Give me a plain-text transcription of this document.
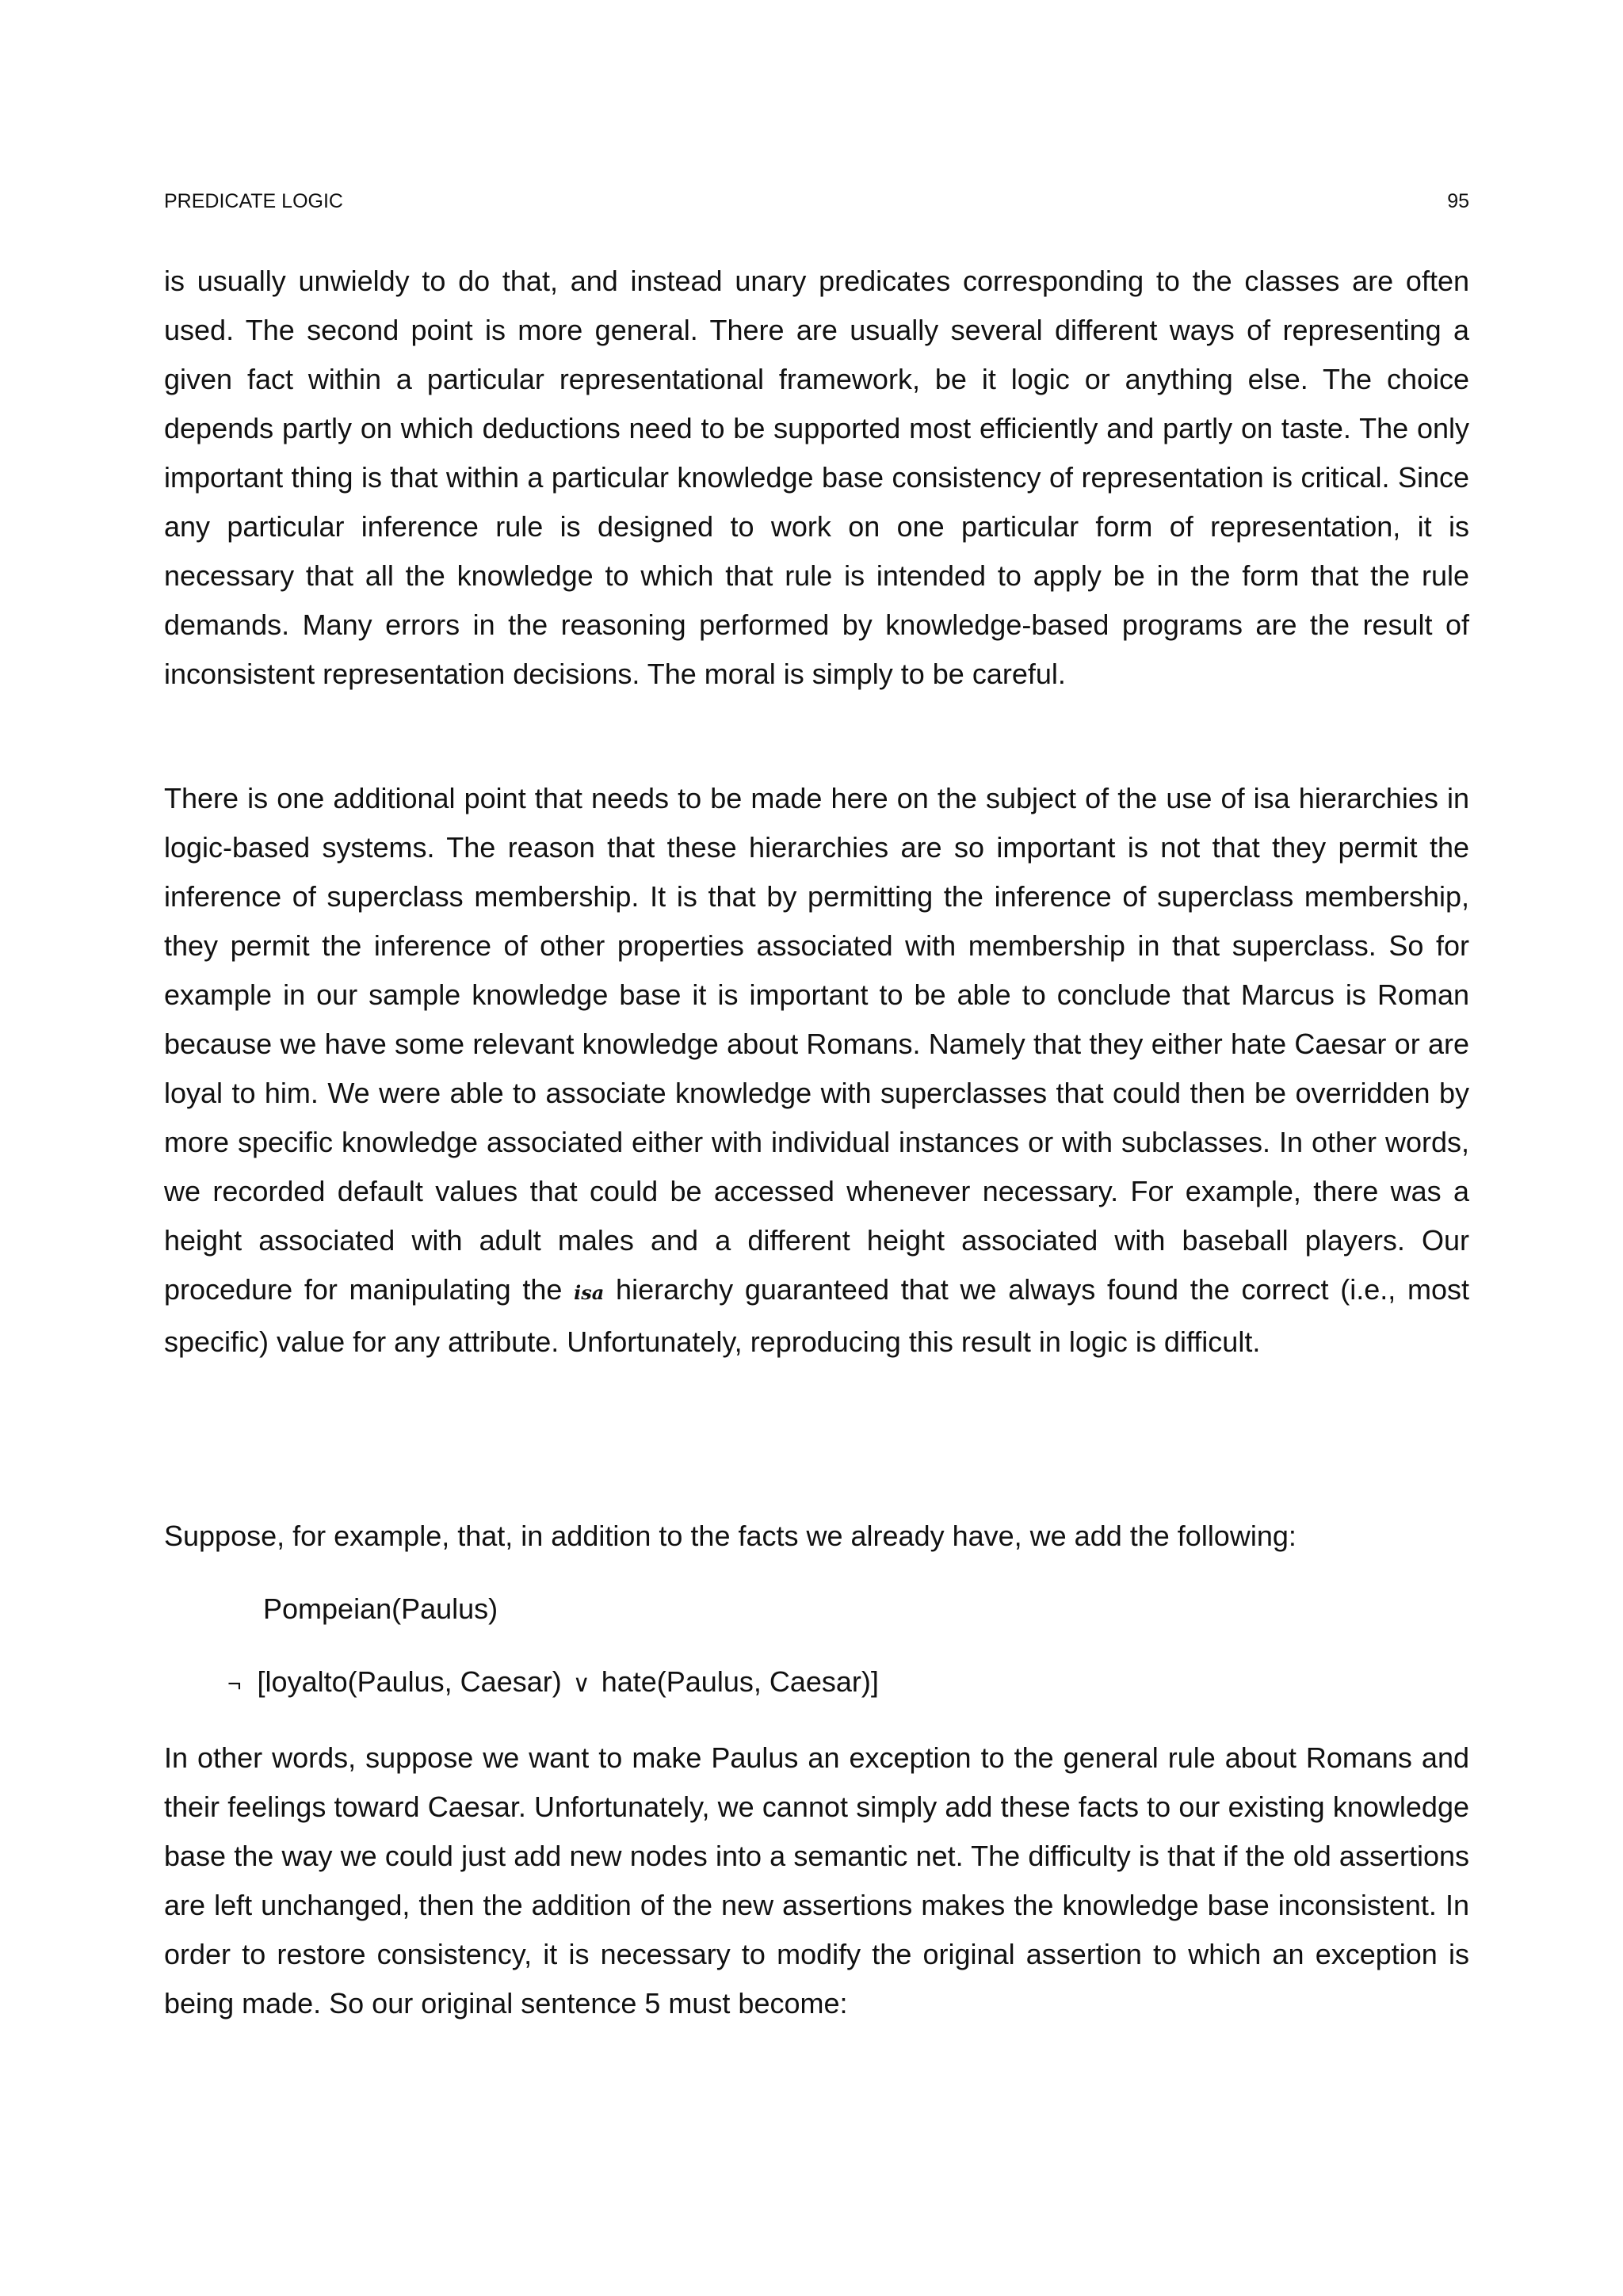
PREDICATE LOGIC	95

is usually unwieldy to do that, and instead unary predicates corresponding to the classes are often used. The second point is more general. There are usually several different ways of representing a given fact within a particular representational framework, be it logic or anything else. The choice depends partly on which deductions need to be supported most efficiently and partly on taste. The only important thing is that within a particular knowledge base consistency of representation is critical. Since any particular inference rule is designed to work on one particular form of representation, it is necessary that all the knowledge to which that rule is intended to apply be in the form that the rule demands. Many errors in the reasoning performed by knowledge-based programs are the result of inconsistent representation decisions. The moral is simply to be careful.

There is one additional point that needs to be made here on the subject of the use of isa hierarchies in logic-based systems. The reason that these hierarchies are so important is not that they permit the inference of superclass membership. It is that by permitting the inference of superclass membership, they permit the inference of other properties associated with membership in that superclass. So for example in our sample knowledge base it is important to be able to conclude that Marcus is Roman because we have some relevant knowledge about Romans. Namely that they either hate Caesar or are loyal to him. We were able to associate knowledge with superclasses that could then be overridden by more specific knowledge associated either with individual instances or with subclasses. In other words, we recorded default values that could be accessed whenever necessary. For example, there was a height associated with adult males and a different height associated with baseball players. Our procedure for manipulating the isa hierarchy guaranteed that we always found the correct (i.e., most specific) value for any attribute. Unfortunately, reproducing this result in logic is difficult.

Suppose, for example, that, in addition to the facts we already have, we add the following:

Pompeian(Paulus)
¬ [loyalto(Paulus, Caesar) ∨ hate(Paulus, Caesar)]

In other words, suppose we want to make Paulus an exception to the general rule about Romans and their feelings toward Caesar. Unfortunately, we cannot simply add these facts to our existing knowledge base the way we could just add new nodes into a semantic net. The difficulty is that if the old assertions are left unchanged, then the addition of the new assertions makes the knowledge base inconsistent. In order to restore consistency, it is necessary to modify the original assertion to which an exception is being made. So our original sentence 5 must become:
